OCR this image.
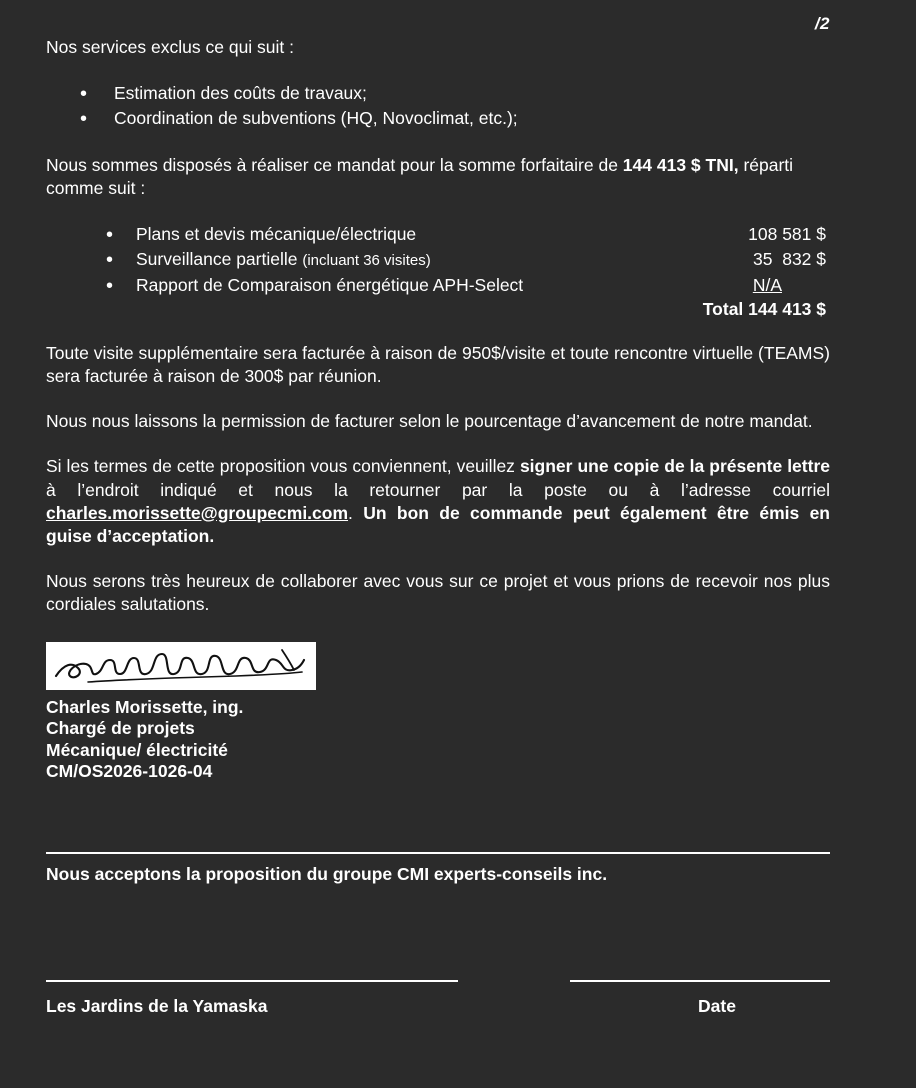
/2

Nos services exclus ce qui suit :

• Estimation des coûts de travaux;
• Coordination de subventions (HQ, Novoclimat, etc.);

Nous sommes disposés à réaliser ce mandat pour la somme forfaitaire de 144 413 $ TNI, réparti comme suit :

• Plans et devis mécanique/électrique	108 581 $
• Surveillance partielle (incluant 36 visites)	35  832 $
• Rapport de Comparaison énergétique APH-Select	N/A
Total 144 413 $

Toute visite supplémentaire sera facturée à raison de 950$/visite et toute rencontre virtuelle (TEAMS) sera facturée à raison de 300$ par réunion.

Nous nous laissons la permission de facturer selon le pourcentage d’avancement de notre mandat.

Si les termes de cette proposition vous conviennent, veuillez signer une copie de la présente lettre à l’endroit indiqué et nous la retourner par la poste ou à l’adresse courriel charles.morissette@groupecmi.com. Un bon de commande peut également être émis en guise d’acceptation.

Nous serons très heureux de collaborer avec vous sur ce projet et vous prions de recevoir nos plus cordiales salutations.

Charles Morissette, ing.
Chargé de projets
Mécanique/ électricité
CM/OS2026-1026-04
Nous acceptons la proposition du groupe CMI experts-conseils inc.
Les Jardins de la Yamaska	Date
